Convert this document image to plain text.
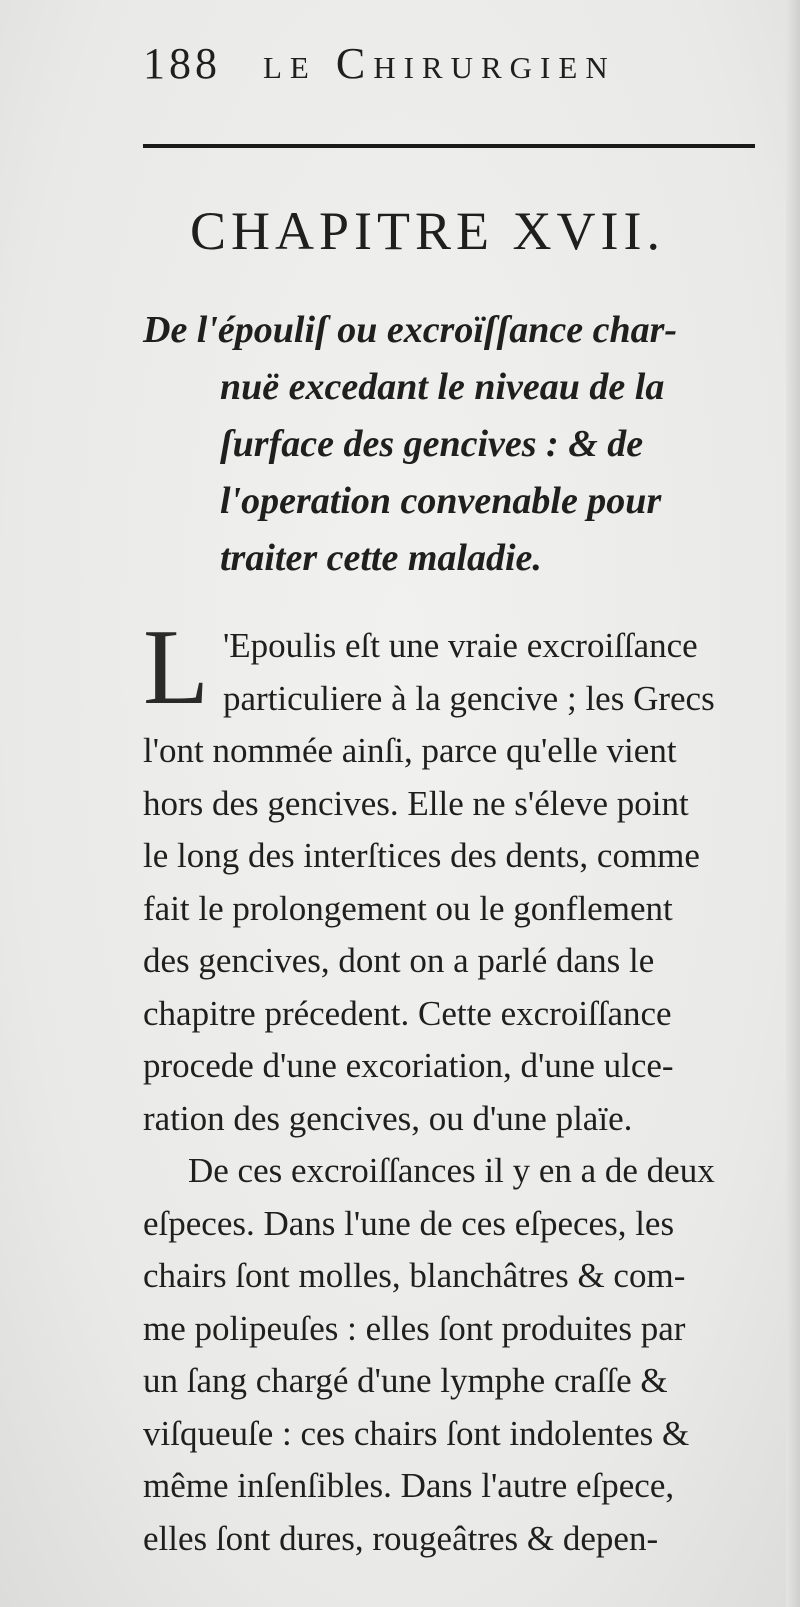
188 le Chirurgien
CHAPITRE XVII.
De l'épouliſ ou excroïſſance char-
nuë excedant le niveau de la
ſurface des gencives : & de
l'operation convenable pour
traiter cette maladie.
L 'Epoulis eſt une vraie excroiſſance
particuliere à la gencive ; les Grecs
l'ont nommée ainſi, parce qu'elle vient
hors des gencives. Elle ne s'éleve point
le long des interſtices des dents, comme
fait le prolongement ou le gonflement
des gencives, dont on a parlé dans le
chapitre précedent. Cette excroiſſance
procede d'une excoriation, d'une ulce-
ration des gencives, ou d'une plaïe.
De ces excroiſſances il y en a de deux
eſpeces. Dans l'une de ces eſpeces, les
chairs ſont molles, blanchâtres & com-
me polipeuſes : elles ſont produites par
un ſang chargé d'une lymphe craſſe &
viſqueuſe : ces chairs ſont indolentes &
même inſenſibles. Dans l'autre eſpece,
elles ſont dures, rougeâtres & depen-
